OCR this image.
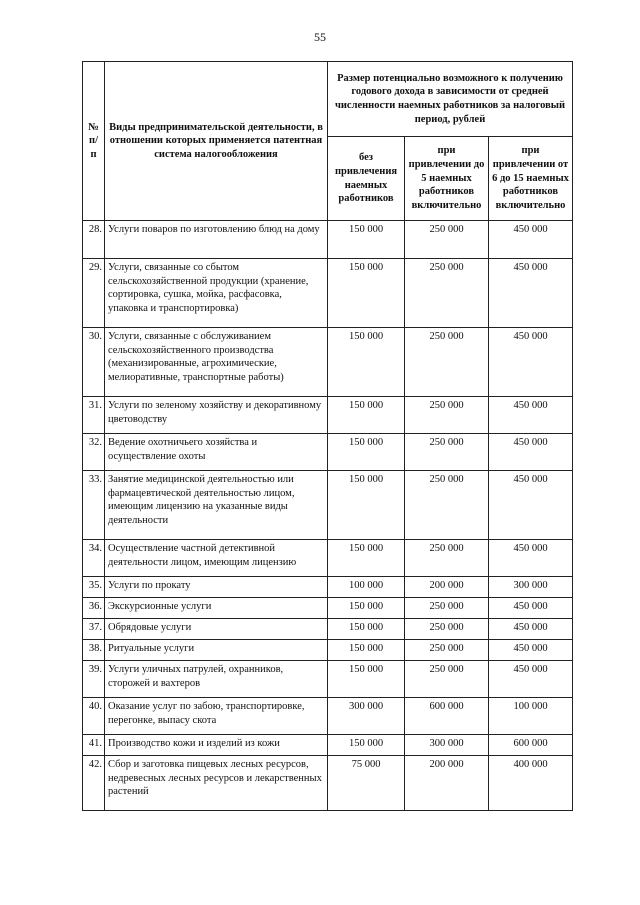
55
№ п/п	Виды предпринимательской деятельности, в отношении которых применяется патентная система налогообложения	Размер потенциально возможного к получению годового дохода в зависимости от средней численности наемных работников за налоговый период, рублей		
		без привлечения наемных работников	при привлечении до 5 наемных работников включительно	при привлечении от 6 до 15 наемных работников включительно
28.	Услуги поваров по изготовлению блюд на дому	150 000	250 000	450 000
29.	Услуги, связанные со сбытом сельскохозяйственной продукции (хранение, сортировка, сушка, мойка, расфасовка, упаковка и транспортировка)	150 000	250 000	450 000
30.	Услуги, связанные с обслуживанием сельскохозяйственного производства (механизированные, агрохимические, мелиоративные, транспортные работы)	150 000	250 000	450 000
31.	Услуги по зеленому хозяйству и декоративному цветоводству	150 000	250 000	450 000
32.	Ведение охотничьего хозяйства и осуществление охоты	150 000	250 000	450 000
33.	Занятие медицинской деятельностью или фармацевтической деятельностью лицом, имеющим лицензию на указанные виды деятельности	150 000	250 000	450 000
34.	Осуществление частной детективной деятельности лицом, имеющим лицензию	150 000	250 000	450 000
35.	Услуги по прокату	100 000	200 000	300 000
36.	Экскурсионные услуги	150 000	250 000	450 000
37.	Обрядовые услуги	150 000	250 000	450 000
38.	Ритуальные услуги	150 000	250 000	450 000
39.	Услуги уличных патрулей, охранников, сторожей и вахтеров	150 000	250 000	450 000
40.	Оказание услуг по забою, транспортировке, перегонке, выпасу скота	300 000	600 000	100 000
41.	Производство кожи и изделий из кожи	150 000	300 000	600 000
42.	Сбор и заготовка пищевых лесных ресурсов, недревесных лесных ресурсов и лекарственных растений	75 000	200 000	400 000
